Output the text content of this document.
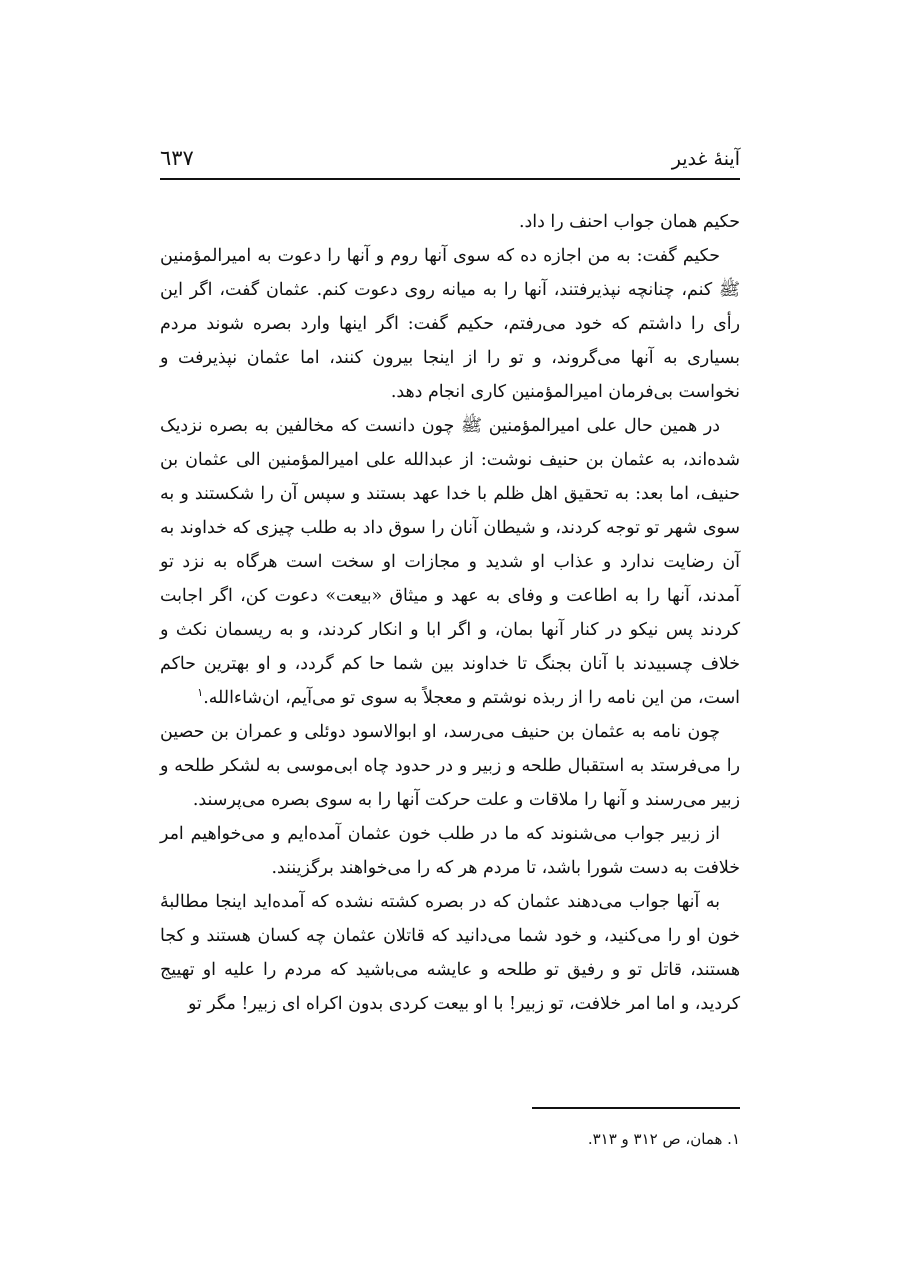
آینهٔ غدیر
٦٣٧

حکیم همان جواب احنف را داد.

حکیم گفت: به من اجازه ده که سوی آنها روم و آنها را دعوت به امیرالمؤمنین ﷺ کنم، چنانچه نپذیرفتند، آنها را به میانه روی دعوت کنم. عثمان گفت، اگر این رأی را داشتم که خود می‌رفتم، حکیم گفت: اگر اینها وارد بصره شوند مردم بسیاری به آنها می‌گروند، و تو را از اینجا بیرون کنند، اما عثمان نپذیرفت و نخواست بی‌فرمان امیرالمؤمنین کاری انجام دهد.

در همین حال علی امیرالمؤمنین ﷺ چون دانست که مخالفین به بصره نزدیک شده‌اند، به عثمان بن حنیف نوشت: از عبدالله علی امیرالمؤمنین الی عثمان بن حنیف، اما بعد: به تحقیق اهل ظلم با خدا عهد بستند و سپس آن را شکستند و به سوی شهر تو توجه کردند، و شیطان آنان را سوق داد به طلب چیزی که خداوند به آن رضایت ندارد و عذاب او شدید و مجازات او سخت است هرگاه به نزد تو آمدند، آنها را به اطاعت و وفای به عهد و میثاق «بیعت» دعوت کن، اگر اجابت کردند پس نیکو در کنار آنها بمان، و اگر ابا و انکار کردند، و به ریسمان نکث و خلاف چسبیدند با آنان بجنگ تا خداوند بین شما حا کم گردد، و او بهترین حاکم است، من این نامه را از ربذه نوشتم و معجلاً به سوی تو می‌آیم، ان‌شاءالله.$^١$

چون نامه به عثمان بن حنیف می‌رسد، او ابوالاسود دوئلی و عمران بن حصین را می‌فرستد به استقبال طلحه و زبیر و در حدود چاه ابی‌موسی به لشکر طلحه و زبیر می‌رسند و آنها را ملاقات و علت حرکت آنها را به سوی بصره می‌پرسند.

از زبیر جواب می‌شنوند که ما در طلب خون عثمان آمده‌ایم و می‌خواهیم امر خلافت به دست شورا باشد، تا مردم هر که را می‌خواهند برگزینند.

به آنها جواب می‌دهند عثمان که در بصره کشته نشده که آمده‌اید اینجا مطالبهٔ خون او را می‌کنید، و خود شما می‌دانید که قاتلان عثمان چه کسان هستند و کجا هستند، قاتل تو و رفیق تو طلحه و عایشه می‌باشید که مردم را علیه او تهییج کردید، و اما امر خلافت، تو زبیر! با او بیعت کردی بدون اکراه ای زبیر! مگر تو

١. همان، ص ٣١٢ و ٣١٣.
